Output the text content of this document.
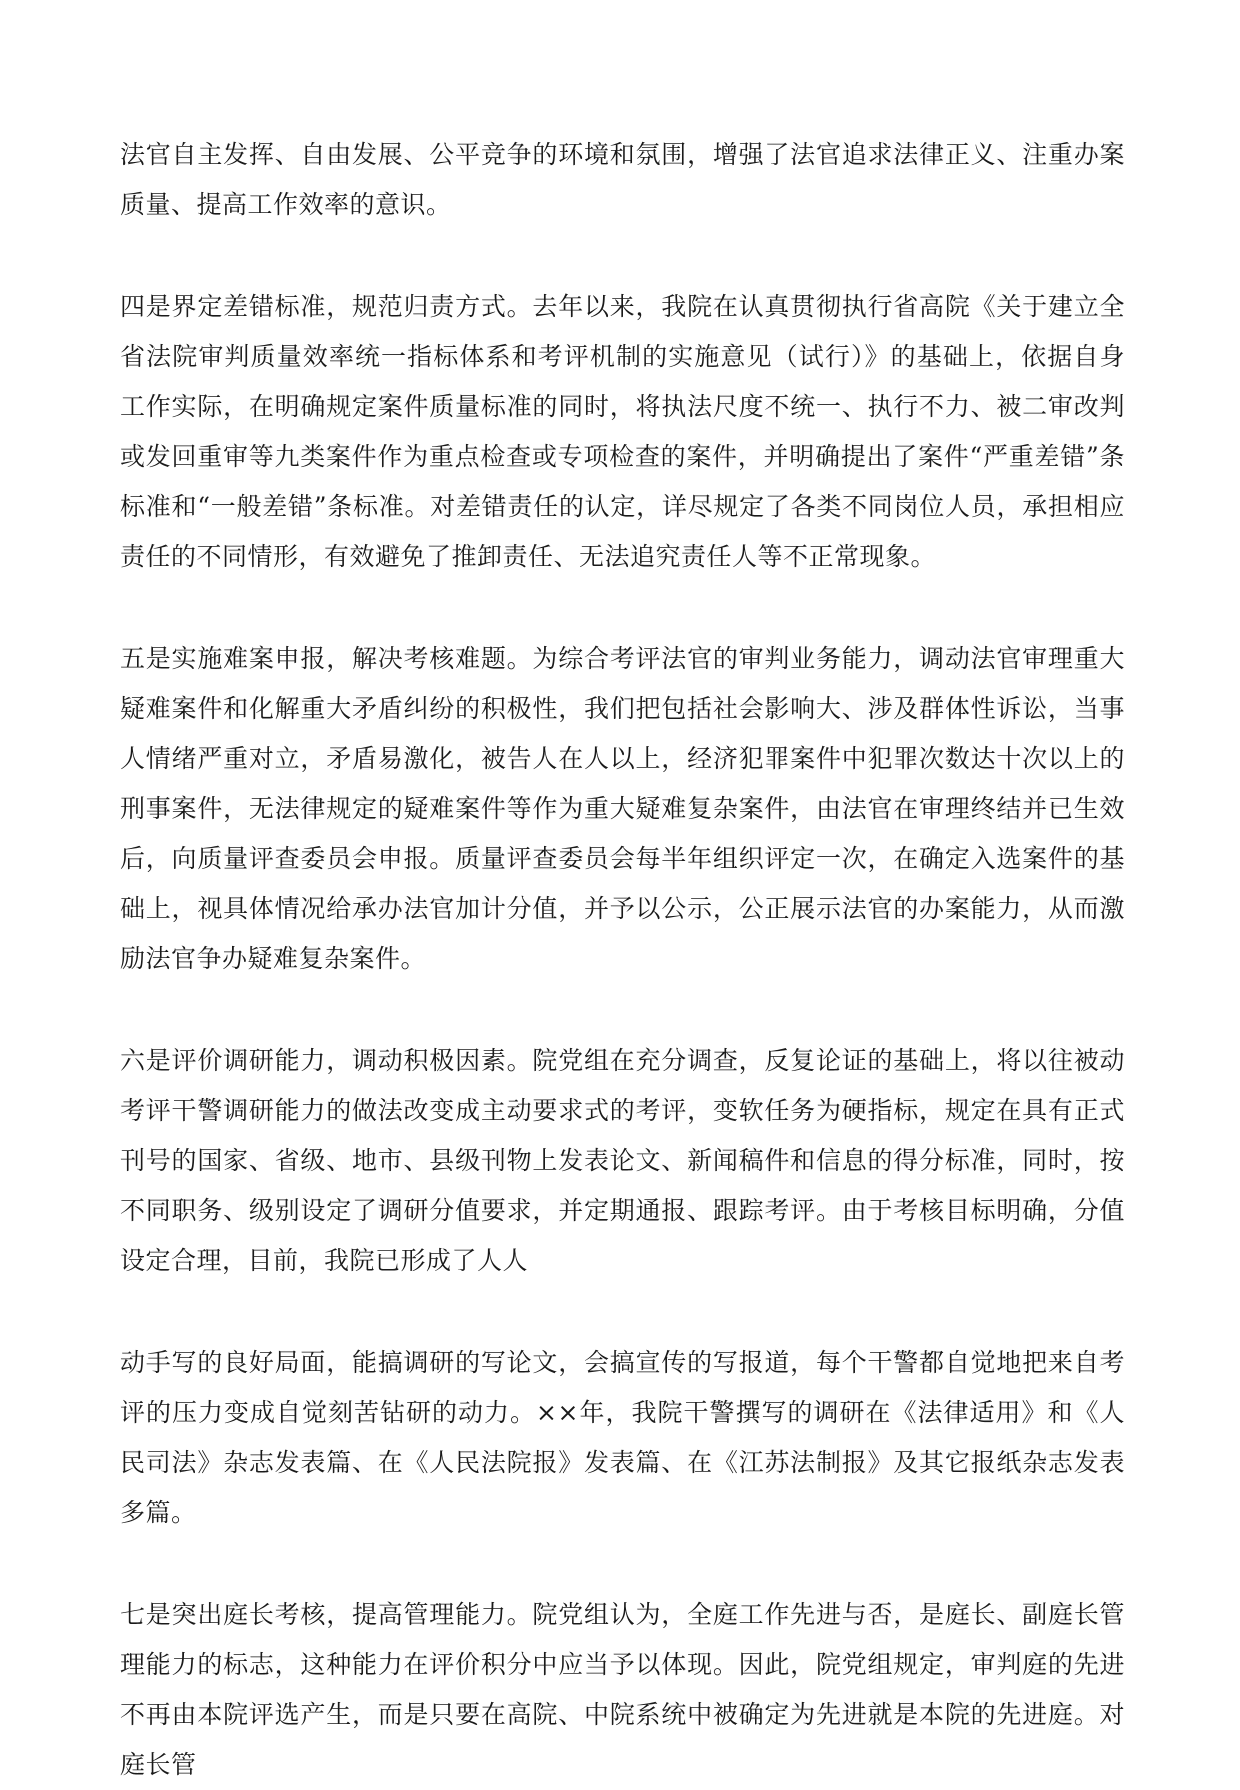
法官自主发挥、自由发展、公平竞争的环境和氛围，增强了法官追求法律正义、注重办案质量、提高工作效率的意识。

四是界定差错标准，规范归责方式。去年以来，我院在认真贯彻执行省高院《关于建立全省法院审判质量效率统一指标体系和考评机制的实施意见（试行）》的基础上，依据自身工作实际，在明确规定案件质量标准的同时，将执法尺度不统一、执行不力、被二审改判或发回重审等九类案件作为重点检查或专项检查的案件，并明确提出了案件“严重差错”条标准和“一般差错”条标准。对差错责任的认定，详尽规定了各类不同岗位人员，承担相应责任的不同情形，有效避免了推卸责任、无法追究责任人等不正常现象。

五是实施难案申报，解决考核难题。为综合考评法官的审判业务能力，调动法官审理重大疑难案件和化解重大矛盾纠纷的积极性，我们把包括社会影响大、涉及群体性诉讼，当事人情绪严重对立，矛盾易激化，被告人在人以上，经济犯罪案件中犯罪次数达十次以上的刑事案件，无法律规定的疑难案件等作为重大疑难复杂案件，由法官在审理终结并已生效后，向质量评查委员会申报。质量评查委员会每半年组织评定一次，在确定入选案件的基础上，视具体情况给承办法官加计分值，并予以公示，公正展示法官的办案能力，从而激励法官争办疑难复杂案件。

六是评价调研能力，调动积极因素。院党组在充分调查，反复论证的基础上，将以往被动考评干警调研能力的做法改变成主动要求式的考评，变软任务为硬指标，规定在具有正式刊号的国家、省级、地市、县级刊物上发表论文、新闻稿件和信息的得分标准，同时，按不同职务、级别设定了调研分值要求，并定期通报、跟踪考评。由于考核目标明确，分值设定合理，目前，我院已形成了人人

动手写的良好局面，能搞调研的写论文，会搞宣传的写报道，每个干警都自觉地把来自考评的压力变成自觉刻苦钻研的动力。××年，我院干警撰写的调研在《法律适用》和《人民司法》杂志发表篇、在《人民法院报》发表篇、在《江苏法制报》及其它报纸杂志发表多篇。

七是突出庭长考核，提高管理能力。院党组认为，全庭工作先进与否，是庭长、副庭长管理能力的标志，这种能力在评价积分中应当予以体现。因此，院党组规定，审判庭的先进不再由本院评选产生，而是只要在高院、中院系统中被确定为先进就是本院的先进庭。对庭长管
